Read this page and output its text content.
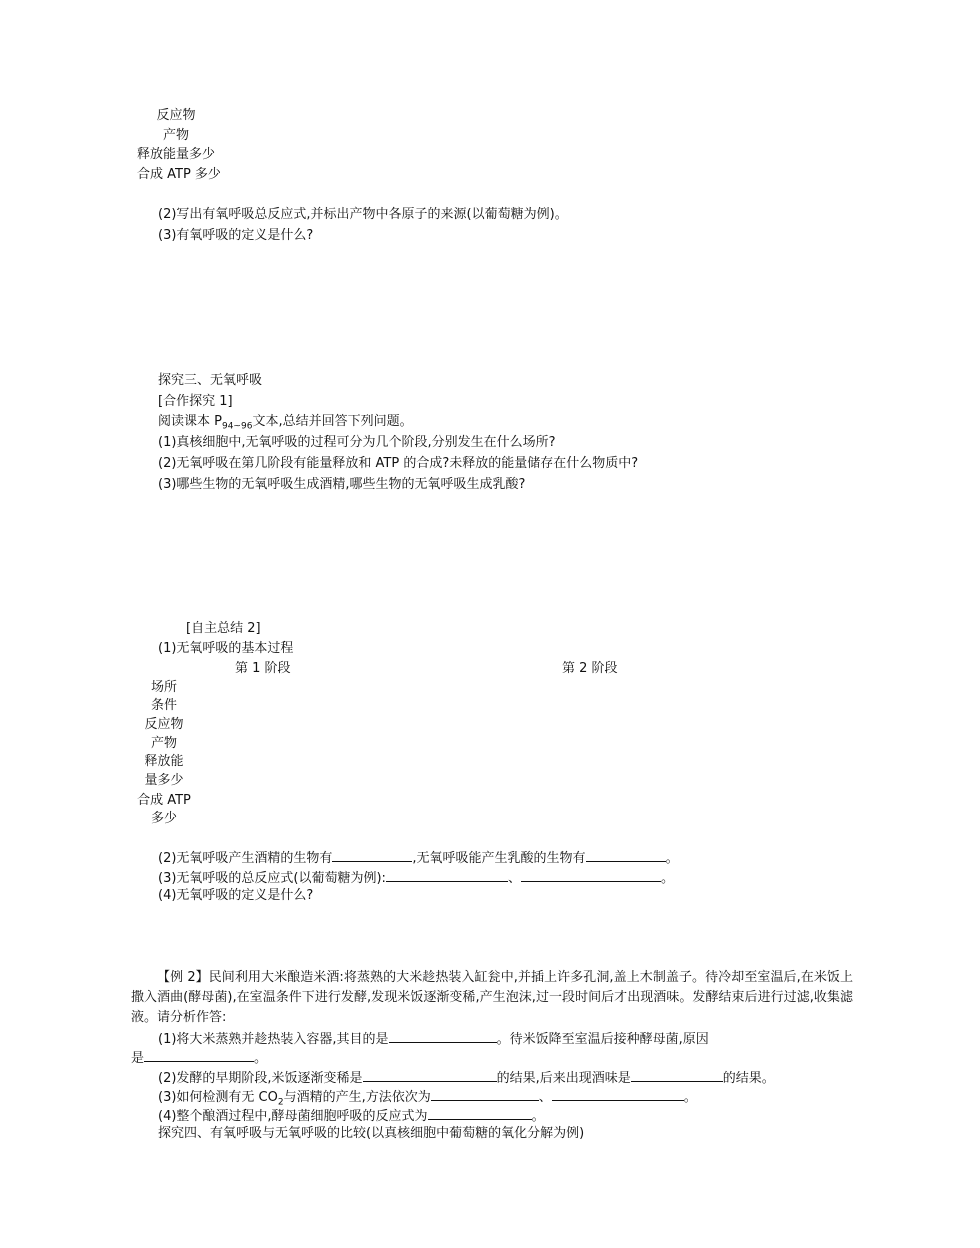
反应物
产物
释放能量多少
合成 ATP 多少
(2)写出有氧呼吸总反应式,并标出产物中各原子的来源(以葡萄糖为例)。
(3)有氧呼吸的定义是什么?
探究三、无氧呼吸
[合作探究 1]
阅读课本 $P_{94\sim 96}$文本,总结并回答下列问题。
(1)真核细胞中,无氧呼吸的过程可分为几个阶段,分别发生在什么场所?
(2)无氧呼吸在第几阶段有能量释放和 ATP 的合成?未释放的能量储存在什么物质中?
(3)哪些生物的无氧呼吸生成酒精,哪些生物的无氧呼吸生成乳酸?
[自主总结 2]
(1)无氧呼吸的基本过程
第 1 阶段	第 2 阶段
场所
条件
反应物
产物
释放能
量多少
合成 ATP
多少
(2)无氧呼吸产生酒精的生物有	,无氧呼吸能产生乳酸的生物有	。
(3)无氧呼吸的总反应式(以葡萄糖为例):	、	。
(4)无氧呼吸的定义是什么?
【例 2】民间利用大米酿造米酒:将蒸熟的大米趁热装入缸瓮中,并插上许多孔洞,盖上木制盖子。待冷却至室温后,在米饭上撒入酒曲(酵母菌),在室温条件下进行发酵,发现米饭逐渐变稀,产生泡沫,过一段时间后才出现酒味。发酵结束后进行过滤,收集滤液。请分析作答:
(1)将大米蒸熟并趁热装入容器,其目的是	。待米饭降至室温后接种酵母菌,原因
是	。
(2)发酵的早期阶段,米饭逐渐变稀是	的结果,后来出现酒味是	的结果。
(3)如何检测有无 $CO_2$与酒精的产生,方法依次为	、	。
(4)整个酿酒过程中,酵母菌细胞呼吸的反应式为	。
探究四、有氧呼吸与无氧呼吸的比较(以真核细胞中葡萄糖的氧化分解为例)
